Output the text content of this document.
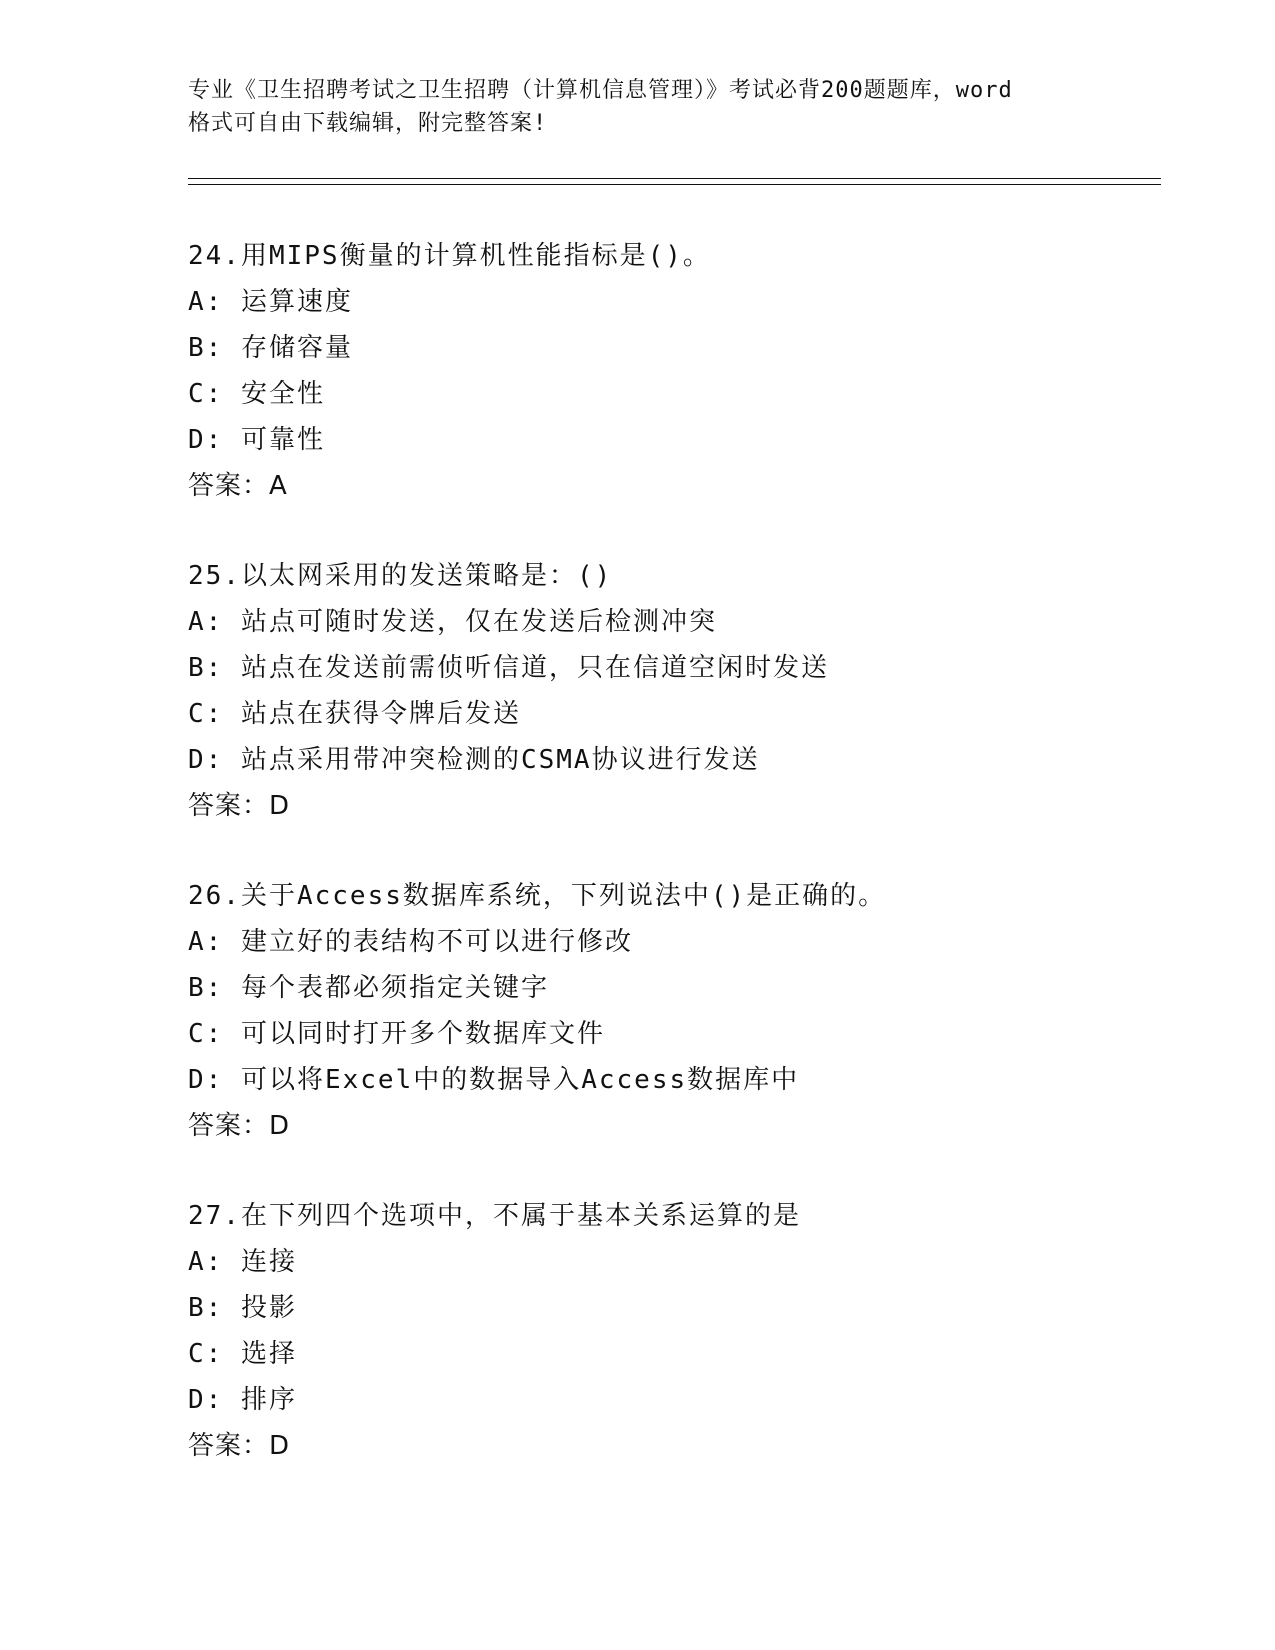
专业《卫生招聘考试之卫生招聘（计算机信息管理）》考试必背200题题库，word
格式可自由下载编辑，附完整答案!
24.用MIPS衡量的计算机性能指标是()。
A: 运算速度
B: 存储容量
C: 安全性
D: 可靠性
答案：A
25.以太网采用的发送策略是：()
A: 站点可随时发送，仅在发送后检测冲突
B: 站点在发送前需侦听信道，只在信道空闲时发送
C: 站点在获得令牌后发送
D: 站点采用带冲突检测的CSMA协议进行发送
答案：D
26.关于Access数据库系统，下列说法中()是正确的。
A: 建立好的表结构不可以进行修改
B: 每个表都必须指定关键字
C: 可以同时打开多个数据库文件
D: 可以将Excel中的数据导入Access数据库中
答案：D
27.在下列四个选项中，不属于基本关系运算的是
A: 连接
B: 投影
C: 选择
D: 排序
答案：D
